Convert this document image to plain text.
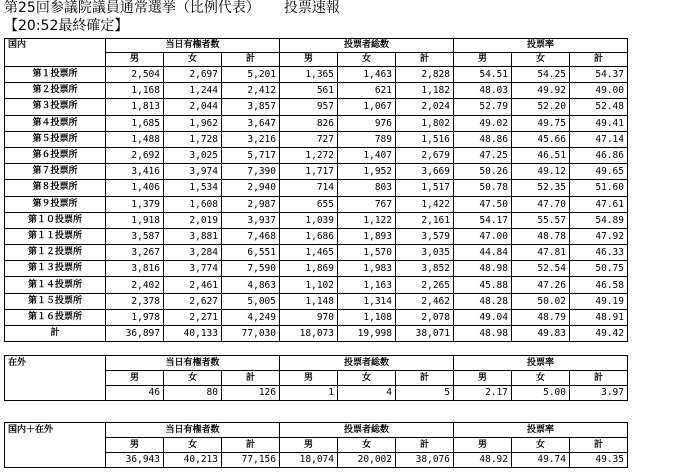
第25回参議院議員通常選挙（比例代表） 投票速報
【20:52最終確定】
国内	当日有権者数			投票者総数			投票率		
	男	女	計	男	女	計	男	女	計
第１投票所	2,504	2,697	5,201	1,365	1,463	2,828	54.51	54.25	54.37
第２投票所	1,168	1,244	2,412	561	621	1,182	48.03	49.92	49.00
第３投票所	1,813	2,044	3,857	957	1,067	2,024	52.79	52.20	52.48
第４投票所	1,685	1,962	3,647	826	976	1,802	49.02	49.75	49.41
第５投票所	1,488	1,728	3,216	727	789	1,516	48.86	45.66	47.14
第６投票所	2,692	3,025	5,717	1,272	1,407	2,679	47.25	46.51	46.86
第７投票所	3,416	3,974	7,390	1,717	1,952	3,669	50.26	49.12	49.65
第８投票所	1,406	1,534	2,940	714	803	1,517	50.78	52.35	51.60
第９投票所	1,379	1,608	2,987	655	767	1,422	47.50	47.70	47.61
第１０投票所	1,918	2,019	3,937	1,039	1,122	2,161	54.17	55.57	54.89
第１１投票所	3,587	3,881	7,468	1,686	1,893	3,579	47.00	48.78	47.92
第１２投票所	3,267	3,284	6,551	1,465	1,570	3,035	44.84	47.81	46.33
第１３投票所	3,816	3,774	7,590	1,869	1,983	3,852	48.98	52.54	50.75
第１４投票所	2,402	2,461	4,863	1,102	1,163	2,265	45.88	47.26	46.58
第１５投票所	2,378	2,627	5,005	1,148	1,314	2,462	48.28	50.02	49.19
第１６投票所	1,978	2,271	4,249	970	1,108	2,078	49.04	48.79	48.91
計	36,897	40,133	77,030	18,073	19,998	38,071	48.98	49.83	49.42
在外	当日有権者数			投票者総数			投票率		
	男	女	計	男	女	計	男	女	計
	46	80	126	1	4	5	2.17	5.00	3.97
国内＋在外	当日有権者数			投票者総数			投票率		
	男	女	計	男	女	計	男	女	計
	36,943	40,213	77,156	18,074	20,002	38,076	48.92	49.74	49.35
